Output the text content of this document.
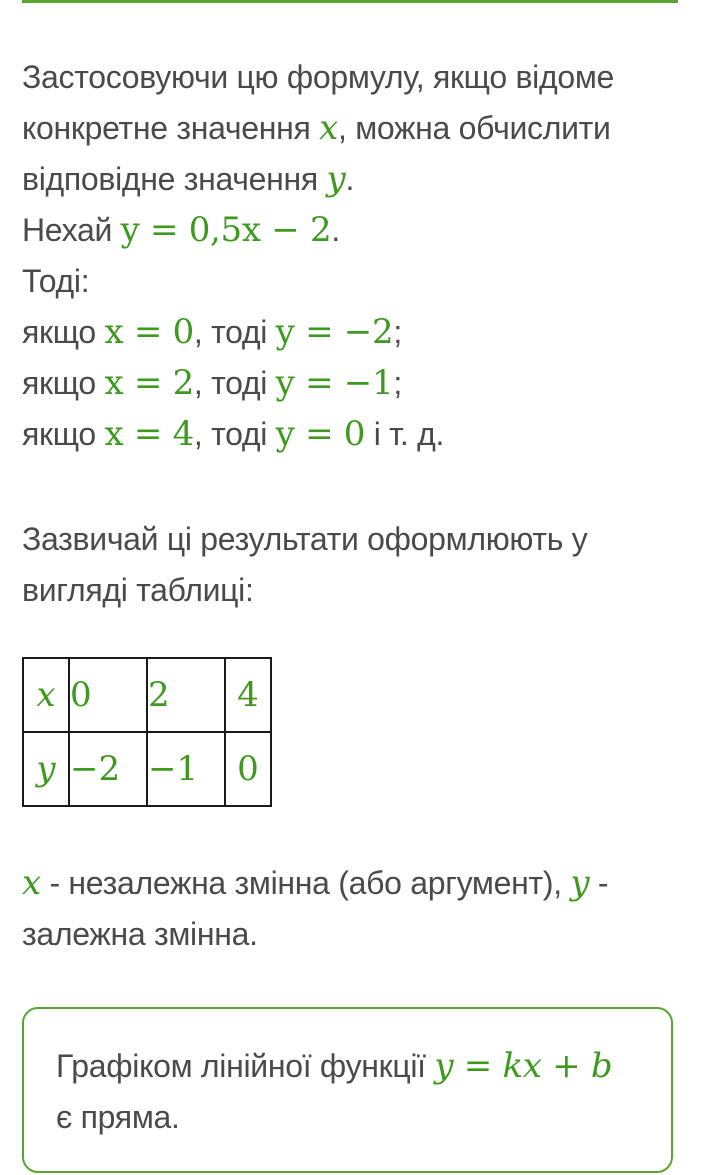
Застосовуючи цю формулу, якщо відоме
конкретне значення x, можна обчислити
відповідне значення y.
Нехай y = 0,5x − 2.
Тоді:
якщо x = 0, тоді y = −2;
якщо x = 2, тоді y = −1;
якщо x = 4, тоді y = 0 і т. д.
Зазвичай ці результати оформлюють у
вигляді таблиці:
x	0	2	4
y	−2	−1	0
x - незалежна змінна (або аргумент), y -
залежна змінна.
Графіком лінійної функції y = kx + b
є пряма.
